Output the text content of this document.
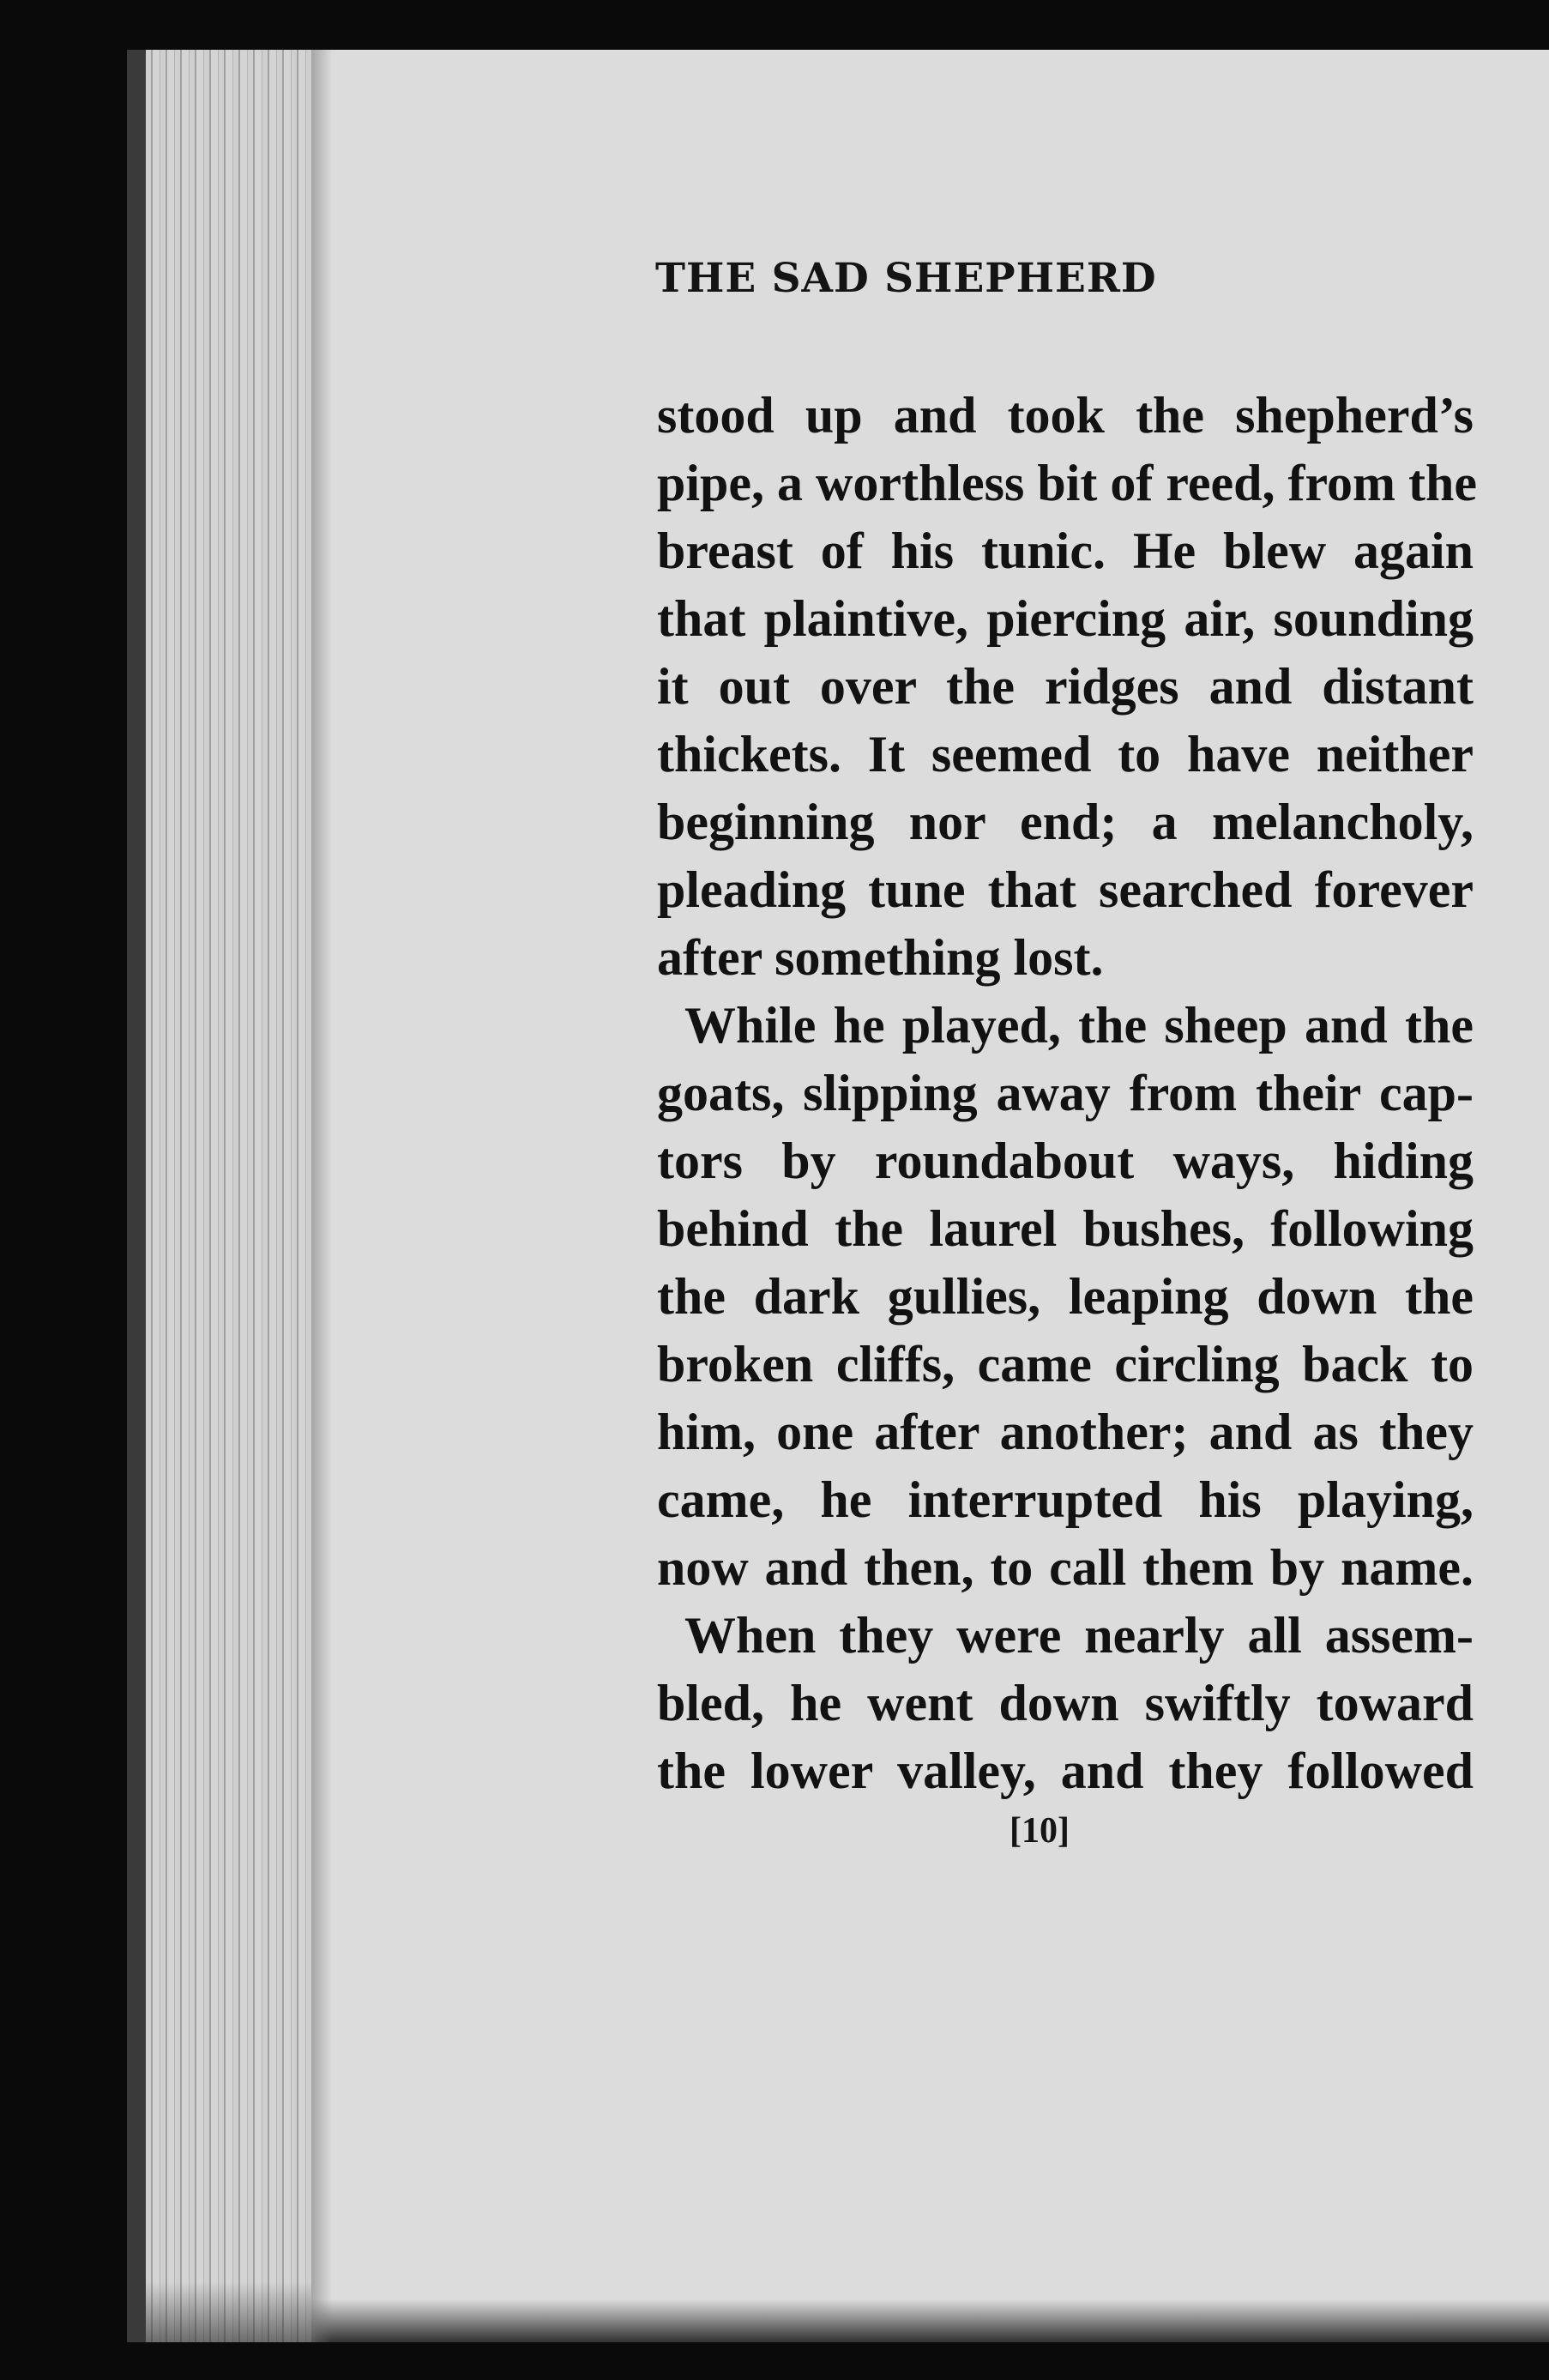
THE SAD SHEPHERD

stood up and took the shepherd’s
pipe, a worthless bit of reed, from the
breast of his tunic. He blew again
that plaintive, piercing air, sounding
it out over the ridges and distant
thickets. It seemed to have neither
beginning nor end; a melancholy,
pleading tune that searched forever
after something lost.

While he played, the sheep and the
goats, slipping away from their cap-
tors by roundabout ways, hiding
behind the laurel bushes, following
the dark gullies, leaping down the
broken cliffs, came circling back to
him, one after another; and as they
came, he interrupted his playing,
now and then, to call them by name.

When they were nearly all assem-
bled, he went down swiftly toward
the lower valley, and they followed

[10]
